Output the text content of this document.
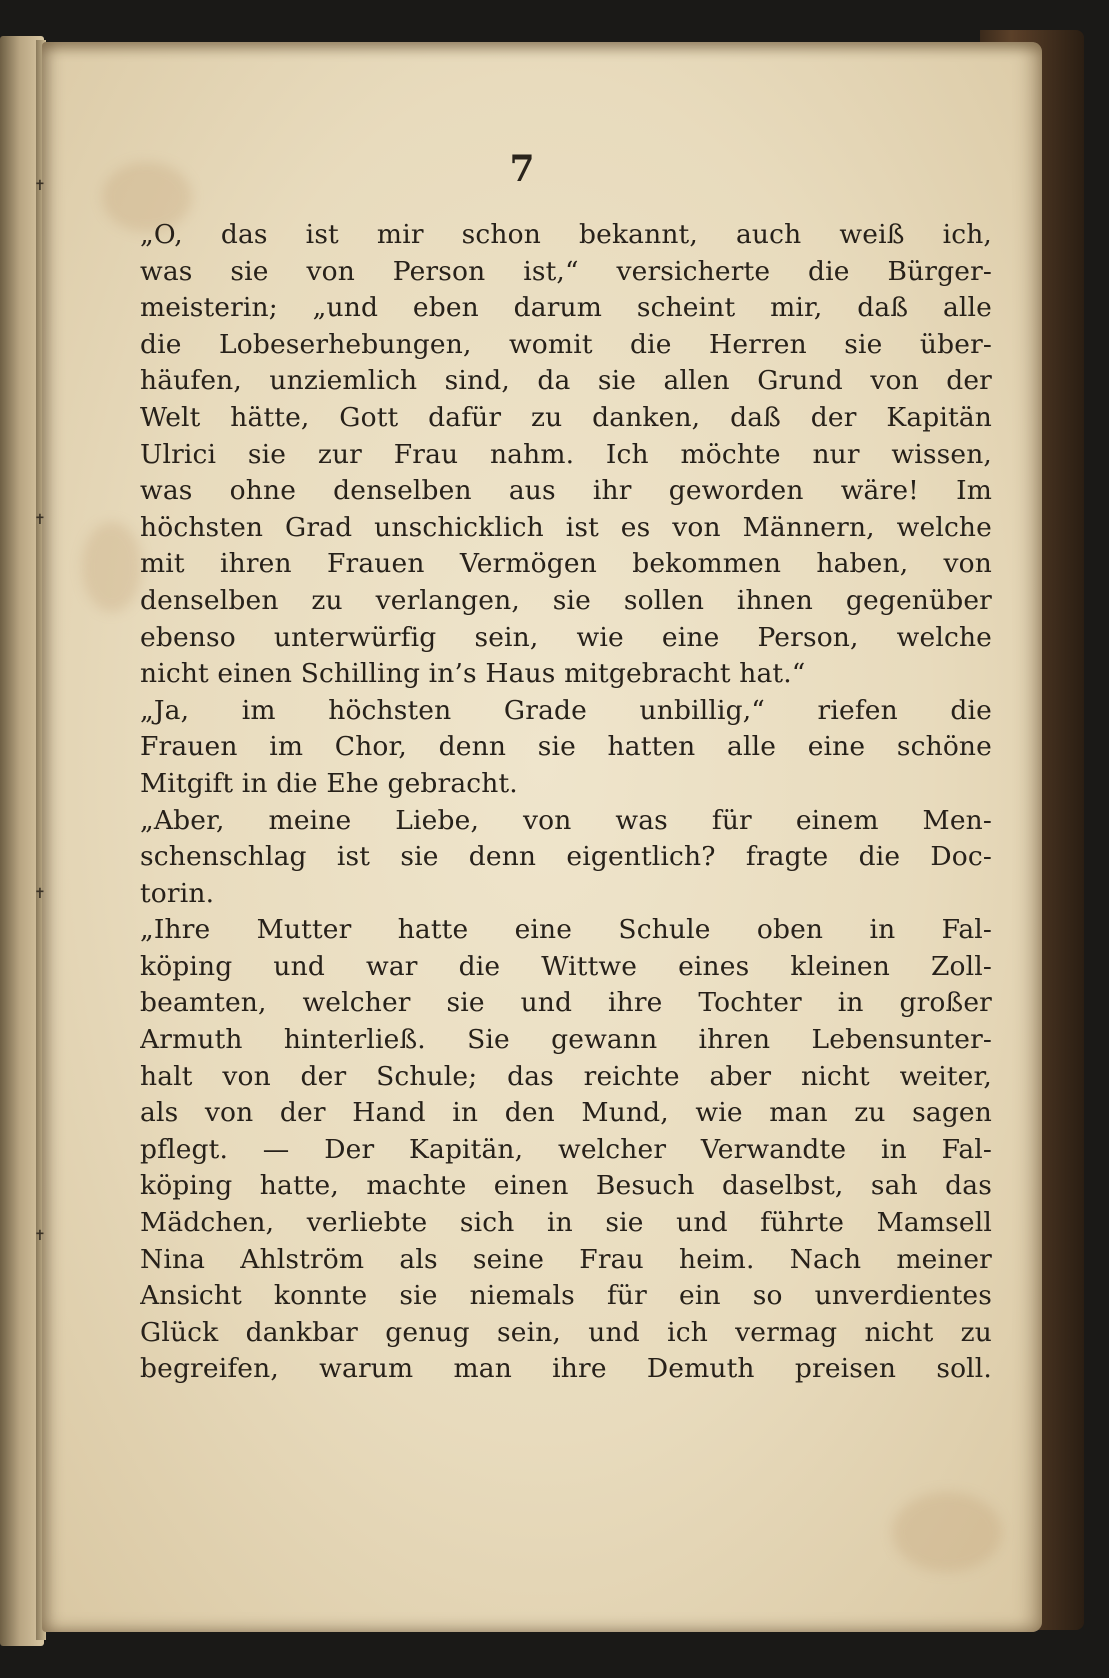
7
„O, das ist mir schon bekannt, auch weiß ich,
was sie von Person ist,“ versicherte die Bürger-
meisterin; „und eben darum scheint mir, daß alle
die Lobeserhebungen, womit die Herren sie über-
häufen, unziemlich sind, da sie allen Grund von der
Welt hätte, Gott dafür zu danken, daß der Kapitän
Ulrici sie zur Frau nahm. Ich möchte nur wissen,
was ohne denselben aus ihr geworden wäre! Im
höchsten Grad unschicklich ist es von Männern, welche
mit ihren Frauen Vermögen bekommen haben, von
denselben zu verlangen, sie sollen ihnen gegenüber
ebenso unterwürfig sein, wie eine Person, welche
nicht einen Schilling in’s Haus mitgebracht hat.“
„Ja, im höchsten Grade unbillig,“ riefen die
Frauen im Chor, denn sie hatten alle eine schöne
Mitgift in die Ehe gebracht.
„Aber, meine Liebe, von was für einem Men-
schenschlag ist sie denn eigentlich? fragte die Doc-
torin.
„Ihre Mutter hatte eine Schule oben in Fal-
köping und war die Wittwe eines kleinen Zoll-
beamten, welcher sie und ihre Tochter in großer
Armuth hinterließ. Sie gewann ihren Lebensunter-
halt von der Schule; das reichte aber nicht weiter,
als von der Hand in den Mund, wie man zu sagen
pflegt. — Der Kapitän, welcher Verwandte in Fal-
köping hatte, machte einen Besuch daselbst, sah das
Mädchen, verliebte sich in sie und führte Mamsell
Nina Ahlström als seine Frau heim. Nach meiner
Ansicht konnte sie niemals für ein so unverdientes
Glück dankbar genug sein, und ich vermag nicht zu
begreifen, warum man ihre Demuth preisen soll.
✝
✝
✝
✝
